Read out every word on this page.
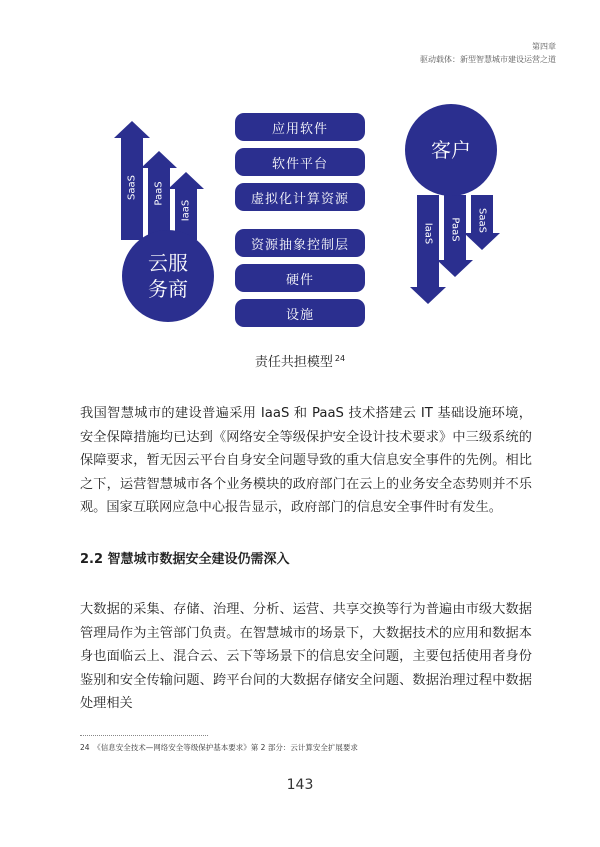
第四章
驱动载体：新型智慧城市建设运营之道
SaaS PaaS
IaaS
IaaS PaaS SaaS
云服
务商
客户
应用软件
软件平台
虚拟化计算资源
资源抽象控制层
硬件
设施
责任共担模型 $^{24}$
我国智慧城市的建设普遍采用 IaaS 和 PaaS 技术搭建云 IT 基础设施环境，安全保障措施均已达到《网络安全等级保护安全设计技术要求》中三级系统的保障要求，暂无因云平台自身安全问题导致的重大信息安全事件的先例。相比之下，运营智慧城市各个业务模块的政府部门在云上的业务安全态势则并不乐观。国家互联网应急中心报告显示，政府部门的信息安全事件时有发生。
2.2 智慧城市数据安全建设仍需深入
大数据的采集、存储、治理、分析、运营、共享交换等行为普遍由市级大数据管理局作为主管部门负责。在智慧城市的场景下，大数据技术的应用和数据本身也面临云上、混合云、云下等场景下的信息安全问题，主要包括使用者身份鉴别和安全传输问题、跨平台间的大数据存储安全问题、数据治理过程中数据处理相关
24　《信息安全技术—网络安全等级保护基本要求》第 2 部分：云计算安全扩展要求
143
